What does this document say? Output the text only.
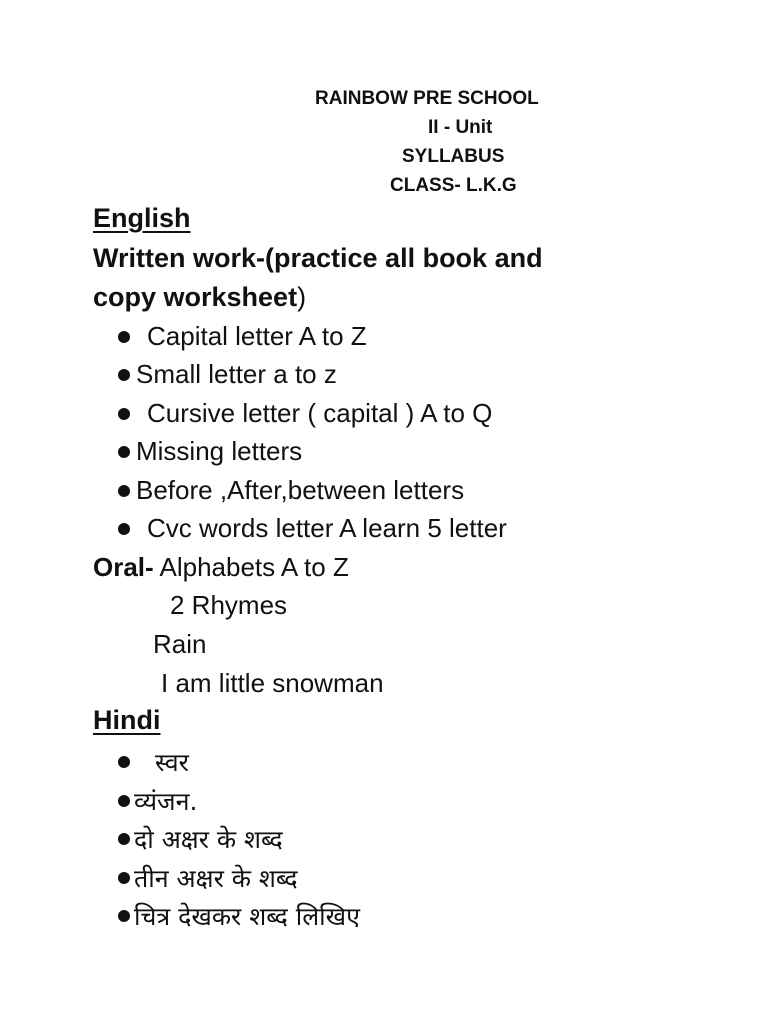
RAINBOW PRE SCHOOL
II - Unit
SYLLABUS
CLASS- L.K.G
English
Written work-(practice all book and
copy worksheet)
Capital letter A to Z
Small letter a to z
Cursive letter ( capital ) A to Q
Missing letters
Before ,After,between letters
Cvc words letter A learn 5 letter
Oral- Alphabets A to Z
2 Rhymes
Rain
I am little snowman
Hindi
स्वर
व्यंजन.
दो अक्षर के शब्द
तीन अक्षर के शब्द
चित्र देखकर शब्द लिखिए
